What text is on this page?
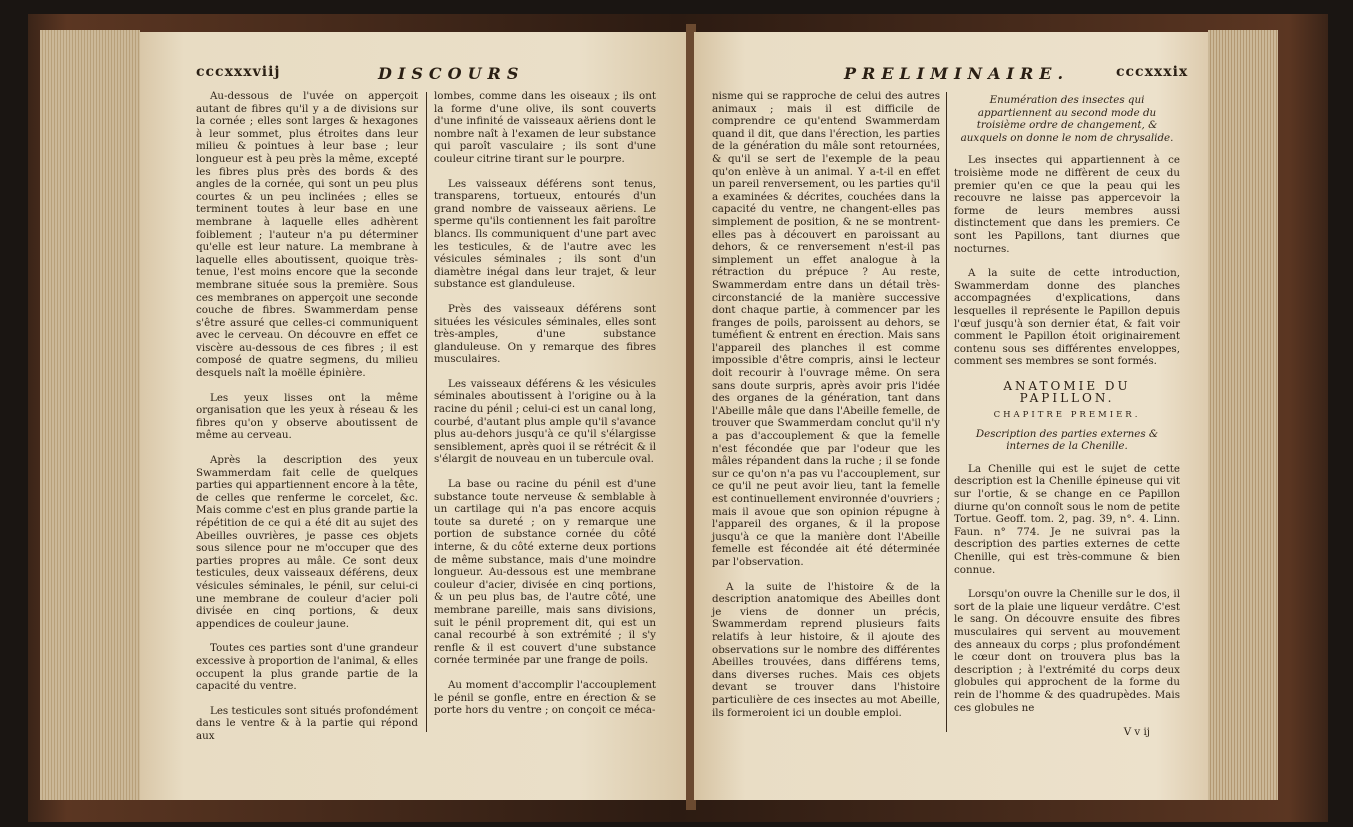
cccxxxviij	DISCOURS

Au-dessous de l'uvée on apperçoit autant de fibres qu'il y a de divisions sur la cornée ; elles sont larges & hexagones à leur sommet, plus étroites dans leur milieu & pointues à leur base ; leur longueur est à peu près la même, excepté les fibres plus près des bords & des angles de la cornée, qui sont un peu plus courtes & un peu inclinées ; elles se terminent toutes à leur base en une membrane à laquelle elles adhèrent foiblement ; l'auteur n'a pu déterminer qu'elle est leur nature. La membrane à laquelle elles aboutissent, quoique très-tenue, l'est moins encore que la seconde membrane située sous la première. Sous ces membranes on apperçoit une seconde couche de fibres. Swammerdam pense s'être assuré que celles-ci communiquent avec le cerveau. On découvre en effet ce viscère au-dessous de ces fibres ; il est composé de quatre segmens, du milieu desquels naît la moëlle épinière.

Les yeux lisses ont la même organisation que les yeux à réseau & les fibres qu'on y observe aboutissent de même au cerveau.

Après la description des yeux Swammerdam fait celle de quelques parties qui appartiennent encore à la tête, de celles que renferme le corcelet, &c. Mais comme c'est en plus grande partie la répétition de ce qui a été dit au sujet des Abeilles ouvrières, je passe ces objets sous silence pour ne m'occuper que des parties propres au mâle. Ce sont deux testicules, deux vaisseaux déférens, deux vésicules séminales, le pénil, sur celui-ci une membrane de couleur d'acier poli divisée en cinq portions, & deux appendices de couleur jaune.

Toutes ces parties sont d'une grandeur excessive à proportion de l'animal, & elles occupent la plus grande partie de la capacité du ventre.

Les testicules sont situés profondément dans le ventre & à la partie qui répond aux

lombes, comme dans les oiseaux ; ils ont la forme d'une olive, ils sont couverts d'une infinité de vaisseaux aëriens dont le nombre naît à l'examen de leur substance qui paroît vasculaire ; ils sont d'une couleur citrine tirant sur le pourpre.

Les vaisseaux déférens sont tenus, transparens, tortueux, entourés d'un grand nombre de vaisseaux aëriens. Le sperme qu'ils contiennent les fait paroître blancs. Ils communiquent d'une part avec les testicules, & de l'autre avec les vésicules séminales ; ils sont d'un diamètre inégal dans leur trajet, & leur substance est glanduleuse.

Près des vaisseaux déférens sont situées les vésicules séminales, elles sont très-amples, d'une substance glanduleuse. On y remarque des fibres musculaires.

Les vaisseaux déférens & les vésicules séminales aboutissent à l'origine ou à la racine du pénil ; celui-ci est un canal long, courbé, d'autant plus ample qu'il s'avance plus au-dehors jusqu'à ce qu'il s'élargisse sensiblement, après quoi il se rétrécit & il s'élargit de nouveau en un tubercule oval.

La base ou racine du pénil est d'une substance toute nerveuse & semblable à un cartilage qui n'a pas encore acquis toute sa dureté ; on y remarque une portion de substance cornée du côté interne, & du côté externe deux portions de même substance, mais d'une moindre longueur. Au-dessous est une membrane couleur d'acier, divisée en cinq portions, & un peu plus bas, de l'autre côté, une membrane pareille, mais sans divisions, suit le pénil proprement dit, qui est un canal recourbé à son extrémité ; il s'y renfle & il est couvert d'une substance cornée terminée par une frange de poils.

Au moment d'accomplir l'accouplement le pénil se gonfle, entre en érection & se porte hors du ventre ; on conçoit ce méca-

PRELIMINAIRE.	cccxxxix

nisme qui se rapproche de celui des autres animaux ; mais il est difficile de comprendre ce qu'entend Swammerdam quand il dit, que dans l'érection, les parties de la génération du mâle sont retournées, & qu'il se sert de l'exemple de la peau qu'on enlève à un animal. Y a-t-il en effet un pareil renversement, ou les parties qu'il a examinées & décrites, couchées dans la capacité du ventre, ne changent-elles pas simplement de position, & ne se montrent-elles pas à découvert en paroissant au dehors, & ce renversement n'est-il pas simplement un effet analogue à la rétraction du prépuce ? Au reste, Swammerdam entre dans un détail très-circonstancié de la manière successive dont chaque partie, à commencer par les franges de poils, paroissent au dehors, se tuméfient & entrent en érection. Mais sans l'appareil des planches il est comme impossible d'être compris, ainsi le lecteur doit recourir à l'ouvrage même. On sera sans doute surpris, après avoir pris l'idée des organes de la génération, tant dans l'Abeille mâle que dans l'Abeille femelle, de trouver que Swammerdam conclut qu'il n'y a pas d'accouplement & que la femelle n'est fécondée que par l'odeur que les mâles répandent dans la ruche ; il se fonde sur ce qu'on n'a pas vu l'accouplement, sur ce qu'il ne peut avoir lieu, tant la femelle est continuellement environnée d'ouvriers ; mais il avoue que son opinion répugne à l'appareil des organes, & il la propose jusqu'à ce que la manière dont l'Abeille femelle est fécondée ait été déterminée par l'observation.

A la suite de l'histoire & de la description anatomique des Abeilles dont je viens de donner un précis, Swammerdam reprend plusieurs faits relatifs à leur histoire, & il ajoute des observations sur le nombre des différentes Abeilles trouvées, dans différens tems, dans diverses ruches. Mais ces objets devant se trouver dans l'histoire particulière de ces insectes au mot Abeille, ils formeroient ici un double emploi.

Enumération des insectes qui appartiennent au second mode du troisième ordre de changement, & auxquels on donne le nom de chrysalide.

Les insectes qui appartiennent à ce troisième mode ne diffèrent de ceux du premier qu'en ce que la peau qui les recouvre ne laisse pas appercevoir la forme de leurs membres aussi distinctement que dans les premiers. Ce sont les Papillons, tant diurnes que nocturnes.

A la suite de cette introduction, Swammerdam donne des planches accompagnées d'explications, dans lesquelles il représente le Papillon depuis l'œuf jusqu'à son dernier état, & fait voir comment le Papillon étoit originairement contenu sous ses différentes enveloppes, comment ses membres se sont formés.

ANATOMIE DU PAPILLON.
CHAPITRE PREMIER.
Description des parties externes & internes de la Chenille.

La Chenille qui est le sujet de cette description est la Chenille épineuse qui vit sur l'ortie, & se change en ce Papillon diurne qu'on connoît sous le nom de petite Tortue. Geoff. tom. 2, pag. 39, n°. 4. Linn. Faun. n° 774. Je ne suivrai pas la description des parties externes de cette Chenille, qui est très-commune & bien connue.

Lorsqu'on ouvre la Chenille sur le dos, il sort de la plaie une liqueur verdâtre. C'est le sang. On découvre ensuite des fibres musculaires qui servent au mouvement des anneaux du corps ; plus profondément le cœur dont on trouvera plus bas la description ; à l'extrémité du corps deux globules qui approchent de la forme du rein de l'homme & des quadrupèdes. Mais ces globules ne

V v ij
